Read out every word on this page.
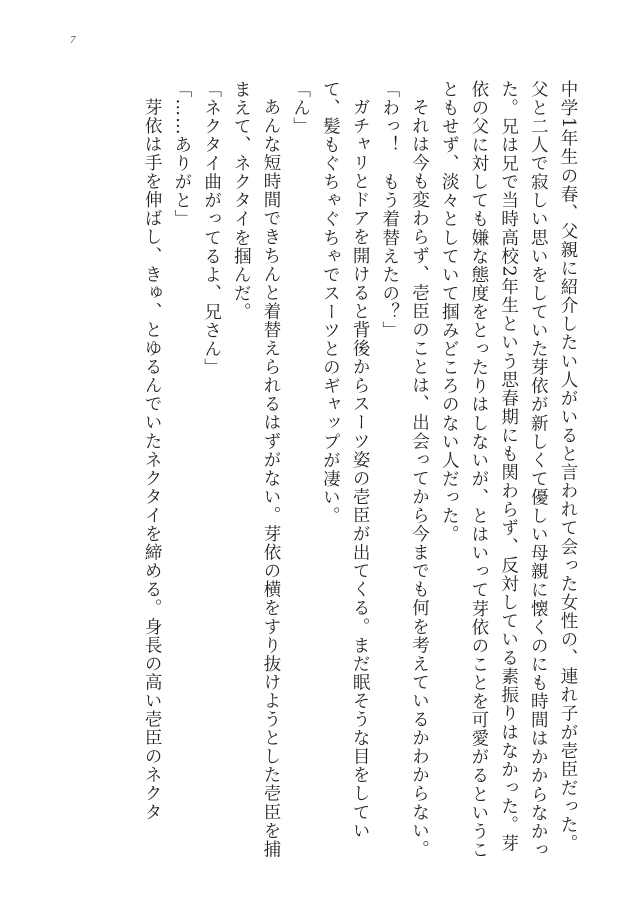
7

中学1年生の春、父親に紹介したい人がいると言われて会った女性の、連れ子が壱臣だった。父と二人で寂しい思いをしていた芽依が新しくて優しい母親に懐くのにも時間はかからなかった。兄は兄で当時高校2年生という思春期にも関わらず、反対している素振りはなかった。芽依の父に対しても嫌な態度をとったりはしないが、とはいって芽依のことを可愛がるということもせず、淡々としていて掴みどころのない人だった。

それは今も変わらず、壱臣のことは、出会ってから今までも何を考えているかわからない。

「わっ！　もう着替えたの？」

ガチャリとドアを開けると背後からスーツ姿の壱臣が出てくる。まだ眠そうな目をしていて、髪もぐちゃぐちゃでスーツとのギャップが凄い。

「ん」

あんな短時間できちんと着替えられるはずがない。芽依の横をすり抜けようとした壱臣を捕まえて、ネクタイを掴んだ。

「ネクタイ曲がってるよ、兄さん」

「……ありがと」

芽依は手を伸ばし、きゅ、とゆるんでいたネクタイを締める。身長の高い壱臣のネクタ
